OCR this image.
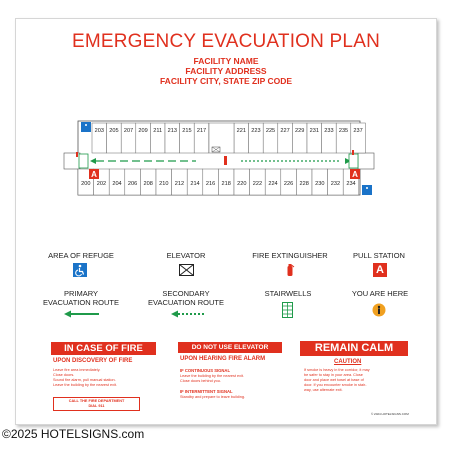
EMERGENCY EVACUATION PLAN
FACILITY NAME
FACILITY ADDRESS
FACILITY CITY, STATE ZIP CODE
203 205 207 209 211 213 215 217	221 223 225 227 229 231 233 235 237
200 202 204 206 208 210 212 214 216 218 220 222 224 226 228 230 232 234
A	A
AREA OF REFUGE	ELEVATOR	FIRE EXTINGUISHER	PULL STATION
A
PRIMARY
EVACUATION ROUTE
SECONDARY
EVACUATION ROUTE
STAIRWELLS	YOU ARE HERE
IN CASE OF FIRE
UPON DISCOVERY OF FIRE
Leave fire area immediately.
Close doors.
Sound fire alarm, pull manual station.
Leave the building by the nearest exit.
CALL THE FIRE DEPARTMENT
DIAL 911
DO NOT USE ELEVATOR
UPON HEARING FIRE ALARM
IF CONTINUOUS SIGNAL
Leave the building by the nearest exit.
Close doors behind you.
IF INTERMITTENT SIGNAL
Standby and prepare to leave building.
REMAIN CALM
CAUTION
If smoke is heavy in the corridor, it may
be safer to stay in your area. Close
door and place wet towel at base of
door. If you encounter smoke in stair-
way, use alternate exit.
© 2024 HOTELSIGNS.COM
©2025 HOTELSIGNS.com
